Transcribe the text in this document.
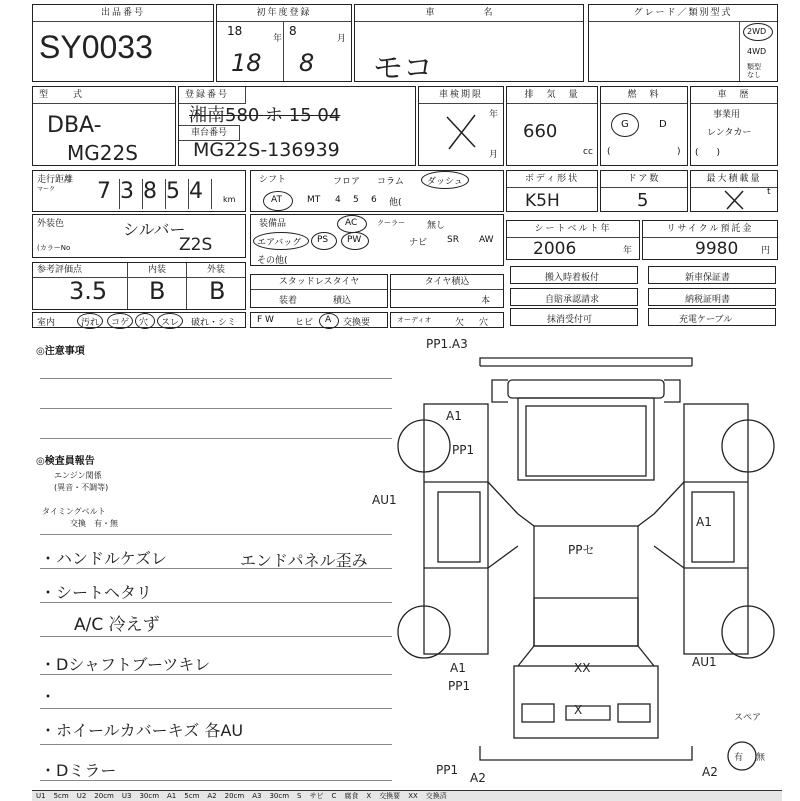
出品番号
SY0033
初年度登録
18
年
8
月
18 8
車　名
モコ
グレード／類別型式
2WD
4WD
類型なし
型　式
DBA-
MG22S
登録番号
湘南580 ホ 15 04
車台番号
MG22S-136939
車検期限
年
月
排　気　量
660
cc
燃　料
G	D
(	)
車　歴
事業用
レンタカー
(　　)
走行距離
マーク 7 3 8 5 4	km
シフト	フロア コラム	ダッシュ
AT	MT 4 5 6 他(
ボディ形状
K5H
ドア数
5
最大積載量
t
外装色	シルバー
(カラーNo	Z2S
装備品	AC	クーラー 無し
エアバッグ PS PW	ナビ SR AW
その他(
シートベルト年
2006	年
リサイクル預託金
9980	円
参考評価点	内装	外装
3.5 B B	スタッドレスタイヤ
装着	積込
タイヤ積込
本
搬入時着板付	新車保証書
自賠承認請求	納税証明書
抹消受付可	充電ケーブル
室内	汚れ コゲ 穴 スレ 破れ・シミ F W ヒビ A 交換要	オーディオ	欠 穴
◎注意事項
◎検査員報告
エンジン関係
(異音・不調等)
タイミングベルト
交換　有・無
・ハンドルケズレ	エンドパネル歪み
・シートヘタリ
A/C 冷えず
・Dシャフトブーツキレ
・
・ホイールカバーキズ 各AU
・Dミラー
PP1.A3
A1
PP1
AU1
A1
PPセ
A1
PP1
XX	AU1
X
PP1
A2	A2
スペア
有 無
U1 5cm U2 20cm U3 30cm A1 5cm A2 20cm A3 30cm S サビ C 腐食 X 交換要 XX 交換済
